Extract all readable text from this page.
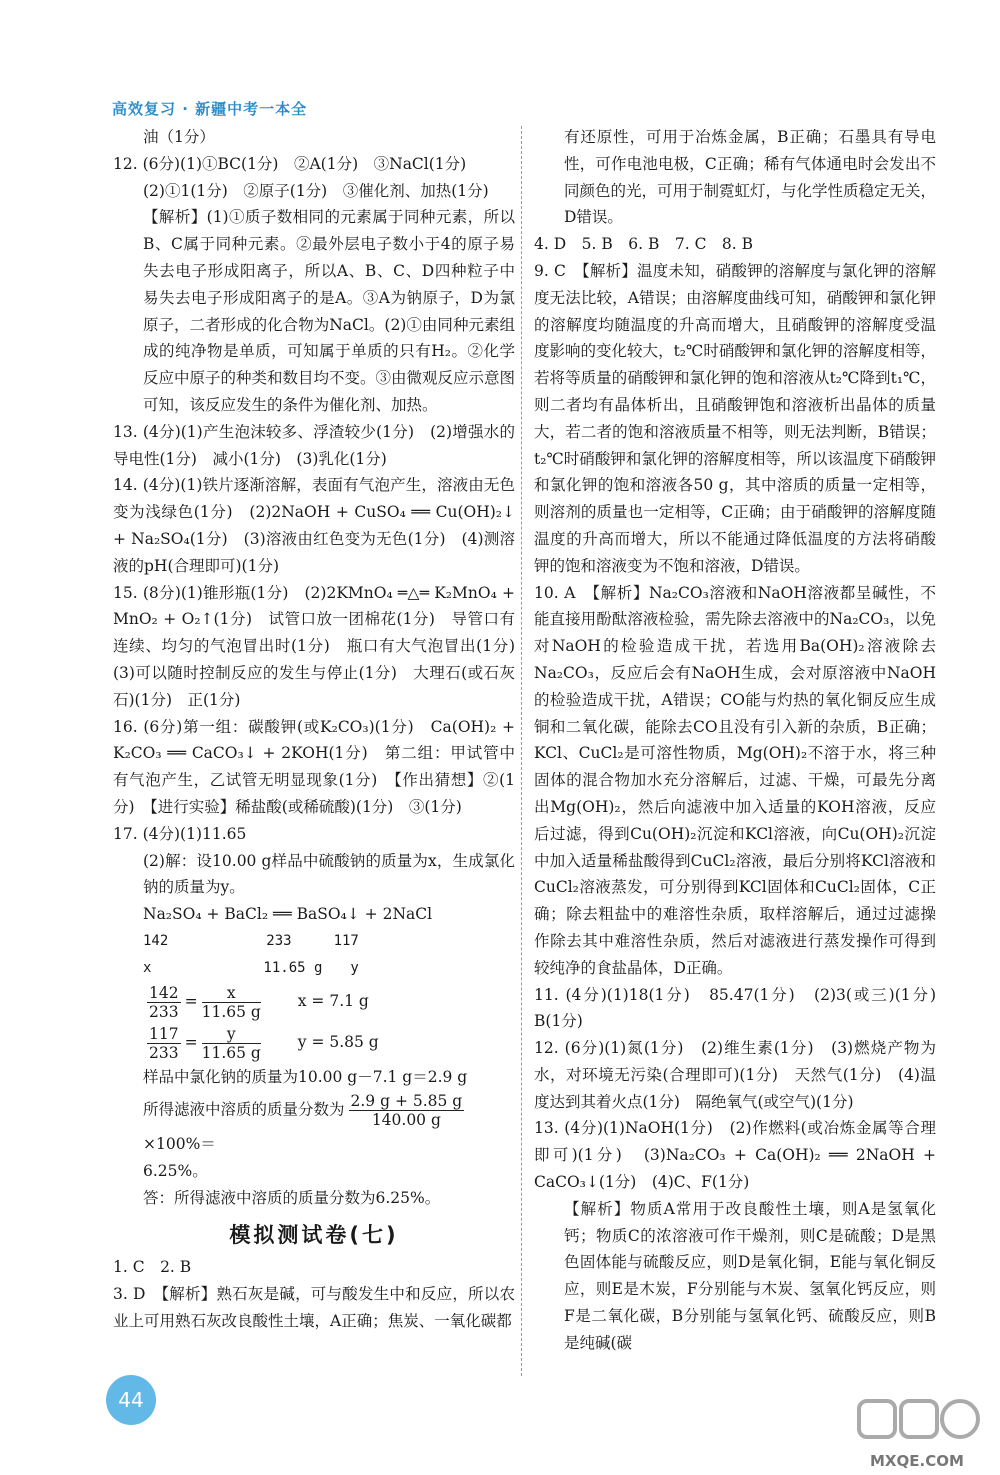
高效复习 · 新疆中考一本全

油（1分）

12. (6分)(1)①BC(1分)　②A(1分)　③NaCl(1分)

(2)①1(1分)　②原子(1分)　③催化剂、加热(1分)

【解析】(1)①质子数相同的元素属于同种元素，所以B、C属于同种元素。②最外层电子数小于4的原子易失去电子形成阳离子，所以A、B、C、D四种粒子中易失去电子形成阳离子的是A。③A为钠原子，D为氯原子，二者形成的化合物为NaCl。(2)①由同种元素组成的纯净物是单质，可知属于单质的只有H₂。②化学反应中原子的种类和数目均不变。③由微观反应示意图可知，该反应发生的条件为催化剂、加热。

13. (4分)(1)产生泡沫较多、浮渣较少(1分)　(2)增强水的导电性(1分)　减小(1分)　(3)乳化(1分)

14. (4分)(1)铁片逐渐溶解，表面有气泡产生，溶液由无色变为浅绿色(1分)　(2)2NaOH + CuSO₄ ══ Cu(OH)₂↓ + Na₂SO₄(1分)　(3)溶液由红色变为无色(1分)　(4)测溶液的pH(合理即可)(1分)

15. (8分)(1)锥形瓶(1分)　(2)2KMnO₄ ═△═ K₂MnO₄ + MnO₂ + O₂↑(1分)　试管口放一团棉花(1分)　导管口有连续、均匀的气泡冒出时(1分)　瓶口有大气泡冒出(1分)　(3)可以随时控制反应的发生与停止(1分)　大理石(或石灰石)(1分)　正(1分)

16. (6分)第一组：碳酸钾(或K₂CO₃)(1分)　Ca(OH)₂ + K₂CO₃ ══ CaCO₃↓ + 2KOH(1分)　第二组：甲试管中有气泡产生，乙试管无明显现象(1分)　【作出猜想】②(1分)　【进行实验】稀盐酸(或稀硫酸)(1分)　③(1分)

17. (4分)(1)11.65

(2)解：设10.00 g样品中硫酸钠的质量为x，生成氯化钠的质量为y。

Na₂SO₄ + BaCl₂ ══ BaSO₄↓ + 2NaCl
142　　　　　　　233　　　117
x　　　　　　　　11.65 g　　y
$\frac{142}{233} = \frac{x}{11.65 g}$ x = 7.1 g
$\frac{117}{233} = \frac{y}{11.65 g}$ y = 5.85 g
样品中氯化钠的质量为10.00 g－7.1 g＝2.9 g
所得滤液中溶质的质量分数为 $\frac{2.9 g + 5.85 g}{140.00 g}$
×100%＝
6.25%。
答：所得滤液中溶质的质量分数为6.25%。
模拟测试卷(七)

1. C　2. B

3. D　【解析】熟石灰是碱，可与酸发生中和反应，所以农业上可用熟石灰改良酸性土壤，A正确；焦炭、一氧化碳都

有还原性，可用于冶炼金属，B正确；石墨具有导电性，可作电池电极，C正确；稀有气体通电时会发出不同颜色的光，可用于制霓虹灯，与化学性质稳定无关，D错误。

4. D　5. B　6. B　7. C　8. B

9. C　【解析】温度未知，硝酸钾的溶解度与氯化钾的溶解度无法比较，A错误；由溶解度曲线可知，硝酸钾和氯化钾的溶解度均随温度的升高而增大，且硝酸钾的溶解度受温度影响的变化较大，t₂℃时硝酸钾和氯化钾的溶解度相等，若将等质量的硝酸钾和氯化钾的饱和溶液从t₂℃降到t₁℃，则二者均有晶体析出，且硝酸钾饱和溶液析出晶体的质量大，若二者的饱和溶液质量不相等，则无法判断，B错误；t₂℃时硝酸钾和氯化钾的溶解度相等，所以该温度下硝酸钾和氯化钾的饱和溶液各50 g，其中溶质的质量一定相等，则溶剂的质量也一定相等，C正确；由于硝酸钾的溶解度随温度的升高而增大，所以不能通过降低温度的方法将硝酸钾的饱和溶液变为不饱和溶液，D错误。

10. A　【解析】Na₂CO₃溶液和NaOH溶液都呈碱性，不能直接用酚酞溶液检验，需先除去溶液中的Na₂CO₃，以免对NaOH的检验造成干扰，若选用Ba(OH)₂溶液除去Na₂CO₃，反应后会有NaOH生成，会对原溶液中NaOH的检验造成干扰，A错误；CO能与灼热的氧化铜反应生成铜和二氧化碳，能除去CO且没有引入新的杂质，B正确；KCl、CuCl₂是可溶性物质，Mg(OH)₂不溶于水，将三种固体的混合物加水充分溶解后，过滤、干燥，可最先分离出Mg(OH)₂，然后向滤液中加入适量的KOH溶液，反应后过滤，得到Cu(OH)₂沉淀和KCl溶液，向Cu(OH)₂沉淀中加入适量稀盐酸得到CuCl₂溶液，最后分别将KCl溶液和CuCl₂溶液蒸发，可分别得到KCl固体和CuCl₂固体，C正确；除去粗盐中的难溶性杂质，取样溶解后，通过过滤操作除去其中难溶性杂质，然后对滤液进行蒸发操作可得到较纯净的食盐晶体，D正确。

11. (4分)(1)18(1分)　85.47(1分)　(2)3(或三)(1分)　B(1分)

12. (6分)(1)氮(1分)　(2)维生素(1分)　(3)燃烧产物为水，对环境无污染(合理即可)(1分)　天然气(1分)　(4)温度达到其着火点(1分)　隔绝氧气(或空气)(1分)

13. (4分)(1)NaOH(1分)　(2)作燃料(或冶炼金属等合理即可)(1分)　(3)Na₂CO₃ + Ca(OH)₂ ══ 2NaOH + CaCO₃↓(1分)　(4)C、F(1分)

【解析】物质A常用于改良酸性土壤，则A是氢氧化钙；物质C的浓溶液可作干燥剂，则C是硫酸；D是黑色固体能与硫酸反应，则D是氧化铜，E能与氧化铜反应，则E是木炭，F分别能与木炭、氢氧化钙反应，则F是二氧化碳，B分别能与氢氧化钙、硫酸反应，则B是纯碱(碳

44
MXQE.COM
